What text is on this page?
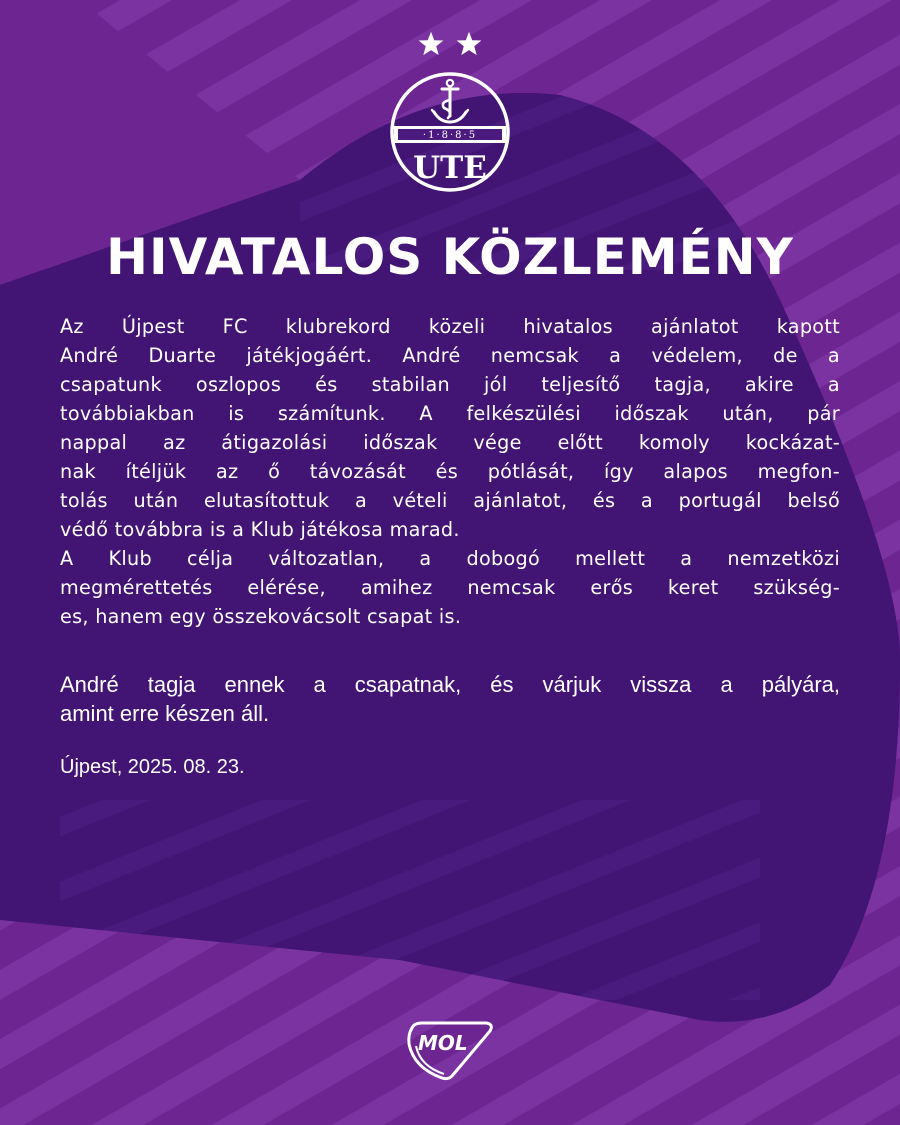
·1·8·8·5
UTE
HIVATALOS KÖZLEMÉNY

Az Újpest FC klubrekord közeli hivatalos ajánlatot kapott
André Duarte játékjogáért. André nemcsak a védelem, de a
csapatunk oszlopos és stabilan jól teljesítő tagja, akire a
továbbiakban is számítunk. A felkészülési időszak után, pár
nappal az átigazolási időszak vége előtt komoly kockázat-
nak ítéljük az ő távozását és pótlását, így alapos megfon-
tolás után elutasítottuk a vételi ajánlatot, és a portugál belső
védő továbbra is a Klub játékosa marad.

A Klub célja változatlan, a dobogó mellett a nemzetközi
megmérettetés elérése, amihez nemcsak erős keret szükség-
es, hanem egy összekovácsolt csapat is.

André tagja ennek a csapatnak, és várjuk vissza a pályára,
amint erre készen áll.
Újpest, 2025. 08. 23.
MOL
